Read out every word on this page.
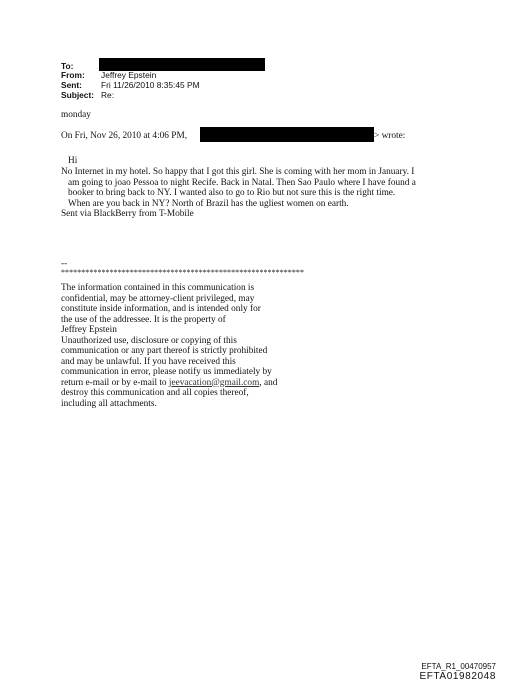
To:
From: Jeffrey Epstein
Sent: Fri 11/26/2010 8:35:45 PM
Subject: Re:
monday
On Fri, Nov 26, 2010 at 4:06 PM,	> wrote:
Hi
No Internet in my hotel. So happy that I got this girl. She is coming with her mom in January. I
am going to joao Pessoa to night Recife. Back in Natal. Then Sao Paulo where I have found a
booker to bring back to NY. I wanted also to go to Rio but not sure this is the right time.
When are you back in NY? North of Brazil has the ugliest women on earth.
Sent via BlackBerry from T-Mobile
--
************************************************************
The information contained in this communication is
confidential, may be attorney-client privileged, may
constitute inside information, and is intended only for
the use of the addressee. It is the property of
Jeffrey Epstein
Unauthorized use, disclosure or copying of this
communication or any part thereof is strictly prohibited
and may be unlawful. If you have received this
communication in error, please notify us immediately by
return e-mail or by e-mail to jeevacation@gmail.com, and
destroy this communication and all copies thereof,
including all attachments.
EFTA_R1_00470957
EFTA01982048
